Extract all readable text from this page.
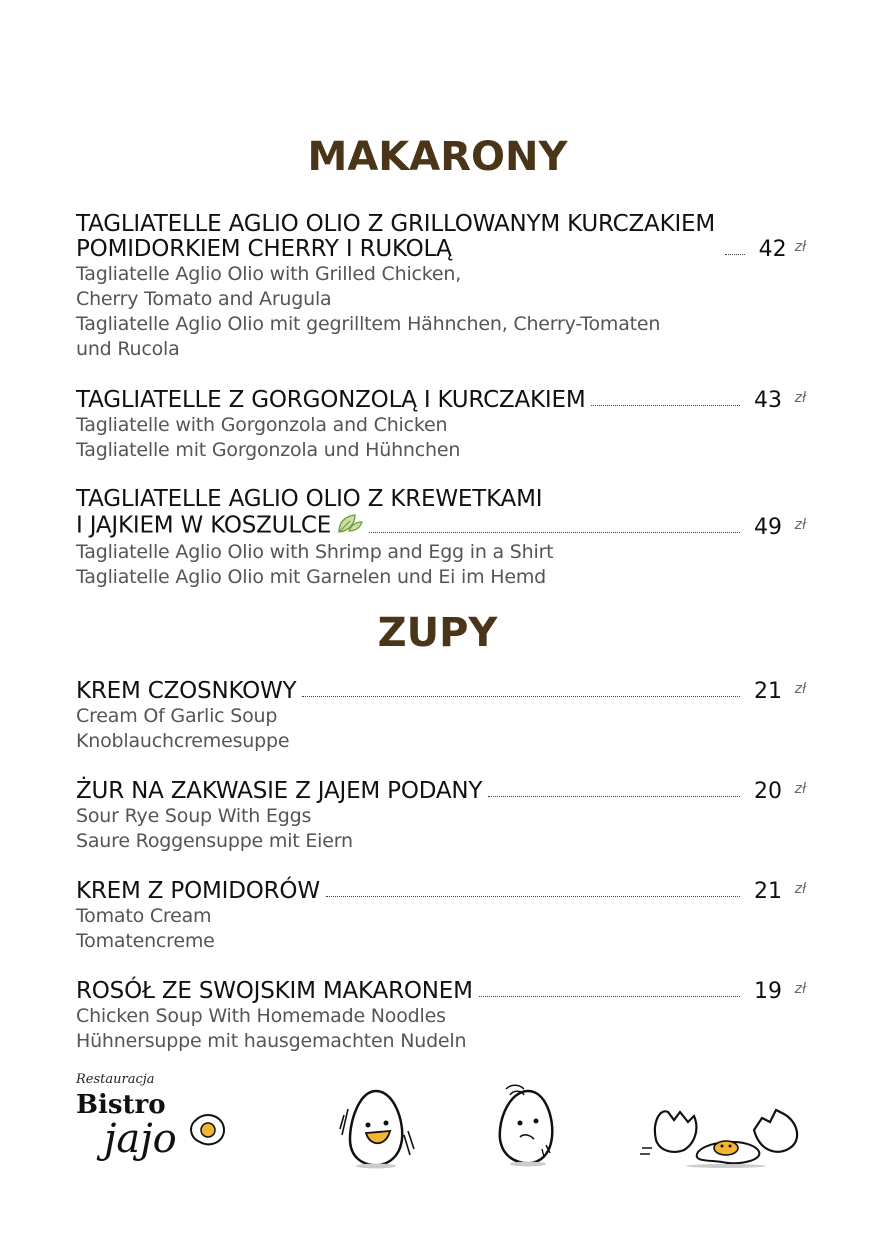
MAKARONY
TAGLIATELLE AGLIO OLIO Z GRILLOWANYM KURCZAKIEM POMIDORKIEM CHERRY I RUKOLĄ	42 zł
Tagliatelle Aglio Olio with Grilled Chicken,
Cherry Tomato and Arugula
Tagliatelle Aglio Olio mit gegrilltem Hähnchen, Cherry-Tomaten
und Rucola
TAGLIATELLE Z GORGONZOLĄ I KURCZAKIEM	43 zł
Tagliatelle with Gorgonzola and Chicken
Tagliatelle mit Gorgonzola und Hühnchen
TAGLIATELLE AGLIO OLIO Z KREWETKAMI
I JAJKIEM W KOSZULCE	49 zł
Tagliatelle Aglio Olio with Shrimp and Egg in a Shirt
Tagliatelle Aglio Olio mit Garnelen und Ei im Hemd
ZUPY
KREM CZOSNKOWY	21 zł
Cream Of Garlic Soup
Knoblauchcremesuppe
ŻUR NA ZAKWASIE Z JAJEM PODANY	20 zł
Sour Rye Soup With Eggs
Saure Roggensuppe mit Eiern
KREM Z POMIDORÓW	21 zł
Tomato Cream
Tomatencreme
ROSÓŁ ZE SWOJSKIM MAKARONEM	19 zł
Chicken Soup With Homemade Noodles
Hühnersuppe mit hausgemachten Nudeln
Restauracja
Bistro
jajo
